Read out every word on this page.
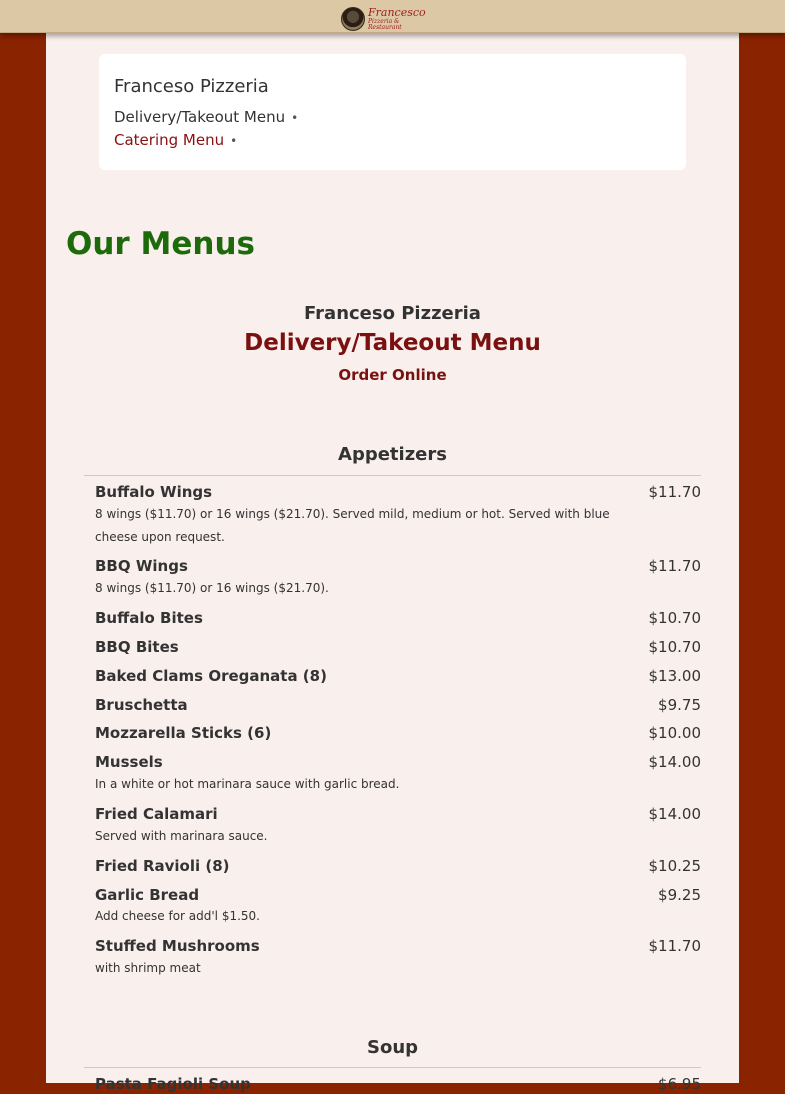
Francesco
Pizzeria & Restaurant
Franceso Pizzeria
Delivery/Takeout Menu •
Catering Menu •
Our Menus
Franceso Pizzeria
Delivery/Takeout Menu
Order Online
Appetizers
Buffalo Wings	$11.70
8 wings ($11.70) or 16 wings ($21.70). Served mild, medium or hot. Served with blue cheese upon request.
BBQ Wings	$11.70
8 wings ($11.70) or 16 wings ($21.70).
Buffalo Bites	$10.70
BBQ Bites	$10.70
Baked Clams Oreganata (8)	$13.00
Bruschetta	$9.75
Mozzarella Sticks (6)	$10.00
Mussels	$14.00
In a white or hot marinara sauce with garlic bread.
Fried Calamari	$14.00
Served with marinara sauce.
Fried Ravioli (8)	$10.25
Garlic Bread	$9.25
Add cheese for add'l $1.50.
Stuffed Mushrooms	$11.70
with shrimp meat
Soup
Pasta Fagioli Soup	$6.95
